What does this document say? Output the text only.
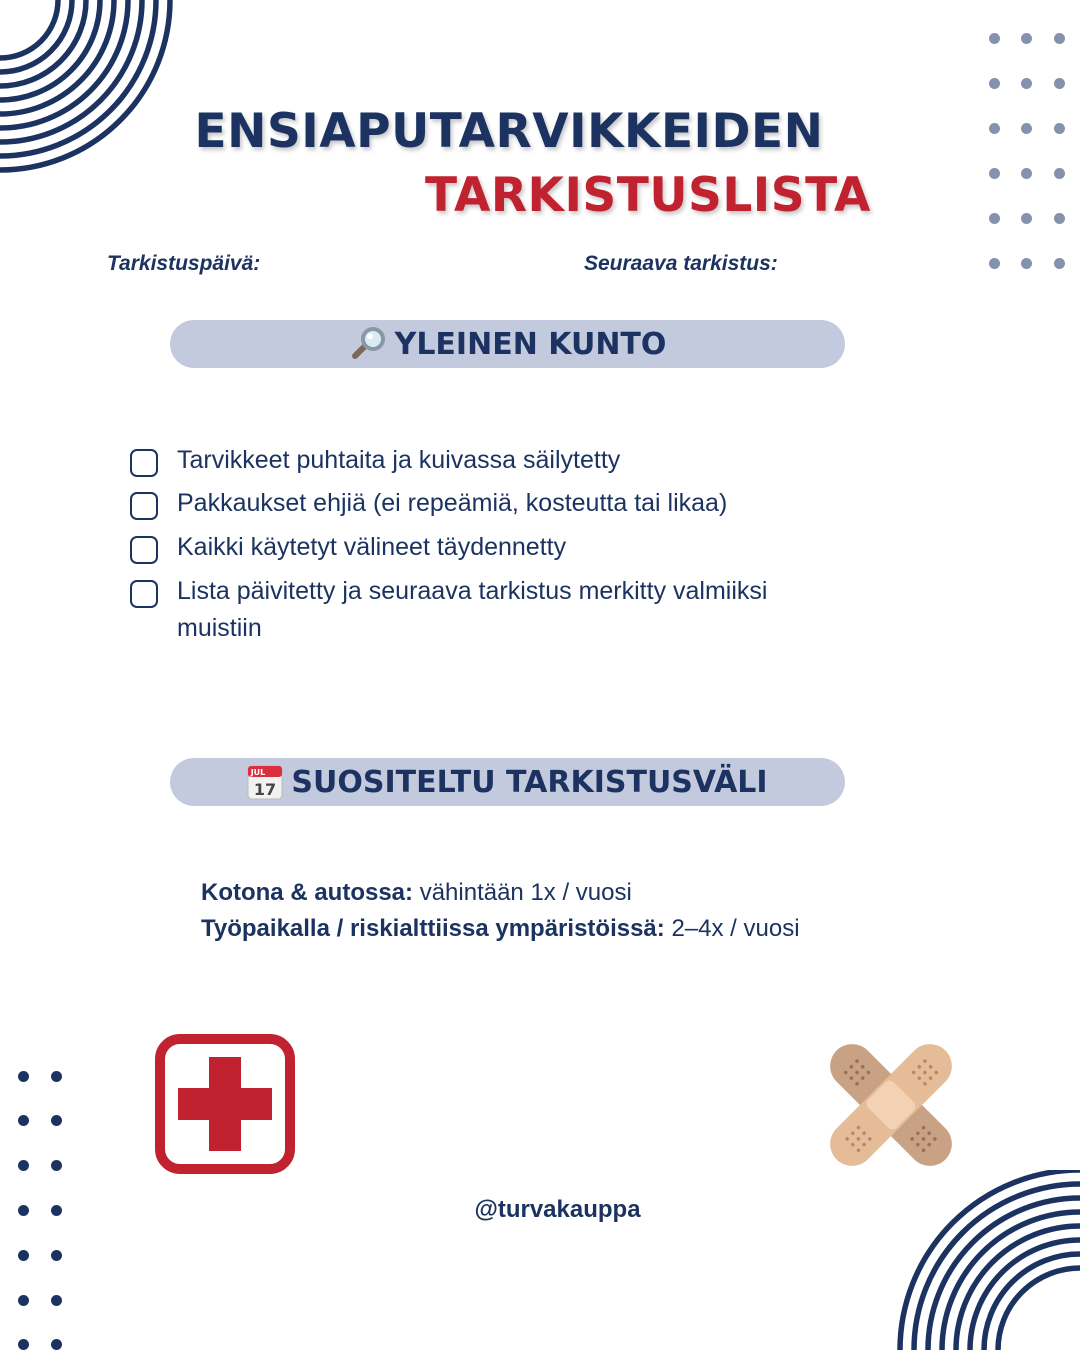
ENSIAPUTARVIKKEIDEN
TARKISTUSLISTA
Tarkistuspäivä:	Seuraava tarkistus:
YLEINEN KUNTO
Tarvikkeet puhtaita ja kuivassa säilytetty
Pakkaukset ehjiä (ei repeämiä, kosteutta tai likaa)
Kaikki käytetyt välineet täydennetty
Lista päivitetty ja seuraava tarkistus merkitty valmiiksi muistiin
JUL
17 SUOSITELTU TARKISTUSVÄLI
Kotona & autossa: vähintään 1x / vuosi
Työpaikalla / riskialttiissa ympäristöissä: 2–4x / vuosi
@turvakauppa
